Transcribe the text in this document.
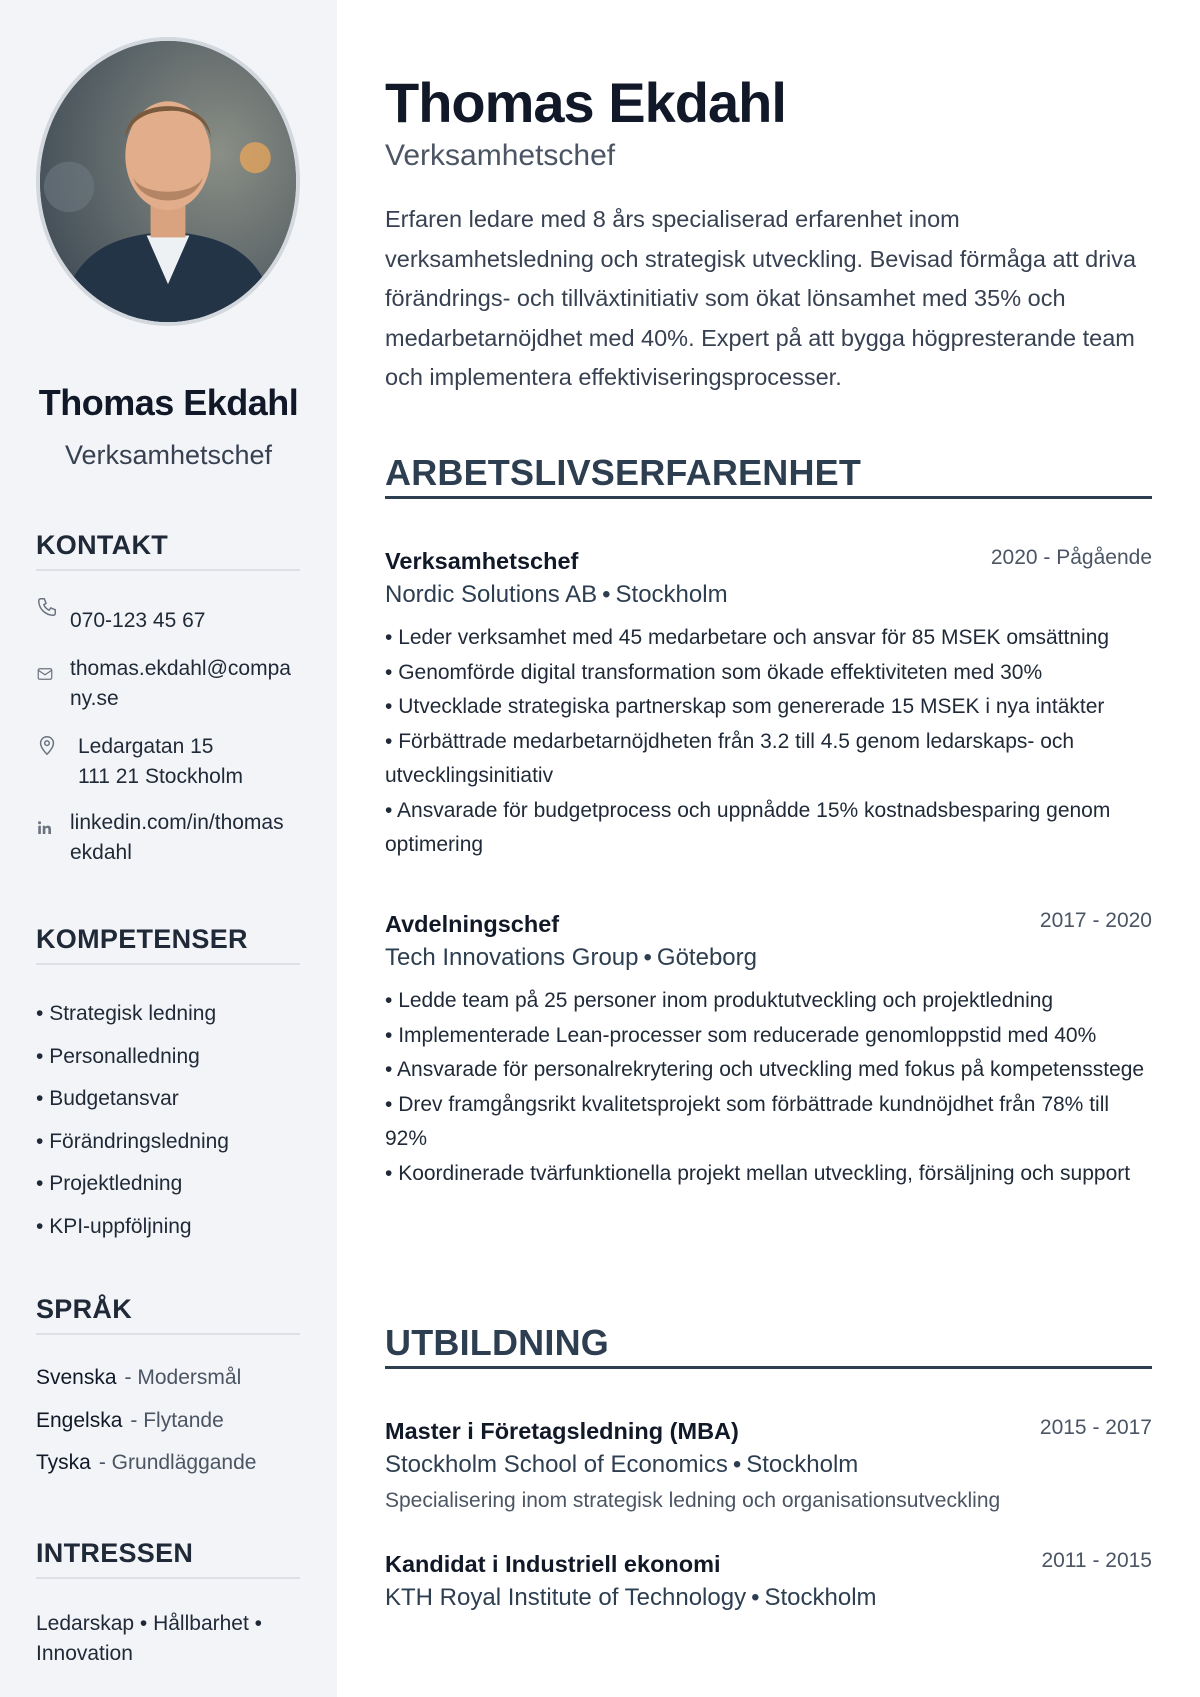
Thomas Ekdahl
Verksamhetschef
KONTAKT
070-123 45 67
thomas.ekdahl@compa
ny.se
Ledargatan 15
111 21 Stockholm
linkedin.com/in/thomas
ekdahl
KOMPETENSER
• Strategisk ledning
• Personalledning
• Budgetansvar
• Förändringsledning
• Projektledning
• KPI-uppföljning
SPRÅK
Svenska - Modersmål
Engelska - Flytande
Tyska - Grundläggande
INTRESSEN
Ledarskap • Hållbarhet •
Innovation
Thomas Ekdahl
Verksamhetschef

Erfaren ledare med 8 års specialiserad erfarenhet inom verksamhetsledning och strategisk utveckling. Bevisad förmåga att driva förändrings- och tillväxtinitiativ som ökat lönsamhet med 35% och medarbetarnöjdhet med 40%. Expert på att bygga högpresterande team och implementera effektiviseringsprocesser.

ARBETSLIVSERFARENHET
Verksamhetschef	2020 - Pågående
Nordic Solutions AB • Stockholm
• Leder verksamhet med 45 medarbetare och ansvar för 85 MSEK omsättning
• Genomförde digital transformation som ökade effektiviteten med 30%
• Utvecklade strategiska partnerskap som genererade 15 MSEK i nya intäkter
• Förbättrade medarbetarnöjdheten från 3.2 till 4.5 genom ledarskaps- och utvecklingsinitiativ
• Ansvarade för budgetprocess och uppnådde 15% kostnadsbesparing genom optimering
Avdelningschef	2017 - 2020
Tech Innovations Group • Göteborg
• Ledde team på 25 personer inom produktutveckling och projektledning
• Implementerade Lean-processer som reducerade genomloppstid med 40%
• Ansvarade för personalrekrytering och utveckling med fokus på kompetensstege
• Drev framgångsrikt kvalitetsprojekt som förbättrade kundnöjdhet från 78% till 92%
• Koordinerade tvärfunktionella projekt mellan utveckling, försäljning och support
UTBILDNING
Master i Företagsledning (MBA)	2015 - 2017
Stockholm School of Economics • Stockholm
Specialisering inom strategisk ledning och organisationsutveckling
Kandidat i Industriell ekonomi	2011 - 2015
KTH Royal Institute of Technology • Stockholm
